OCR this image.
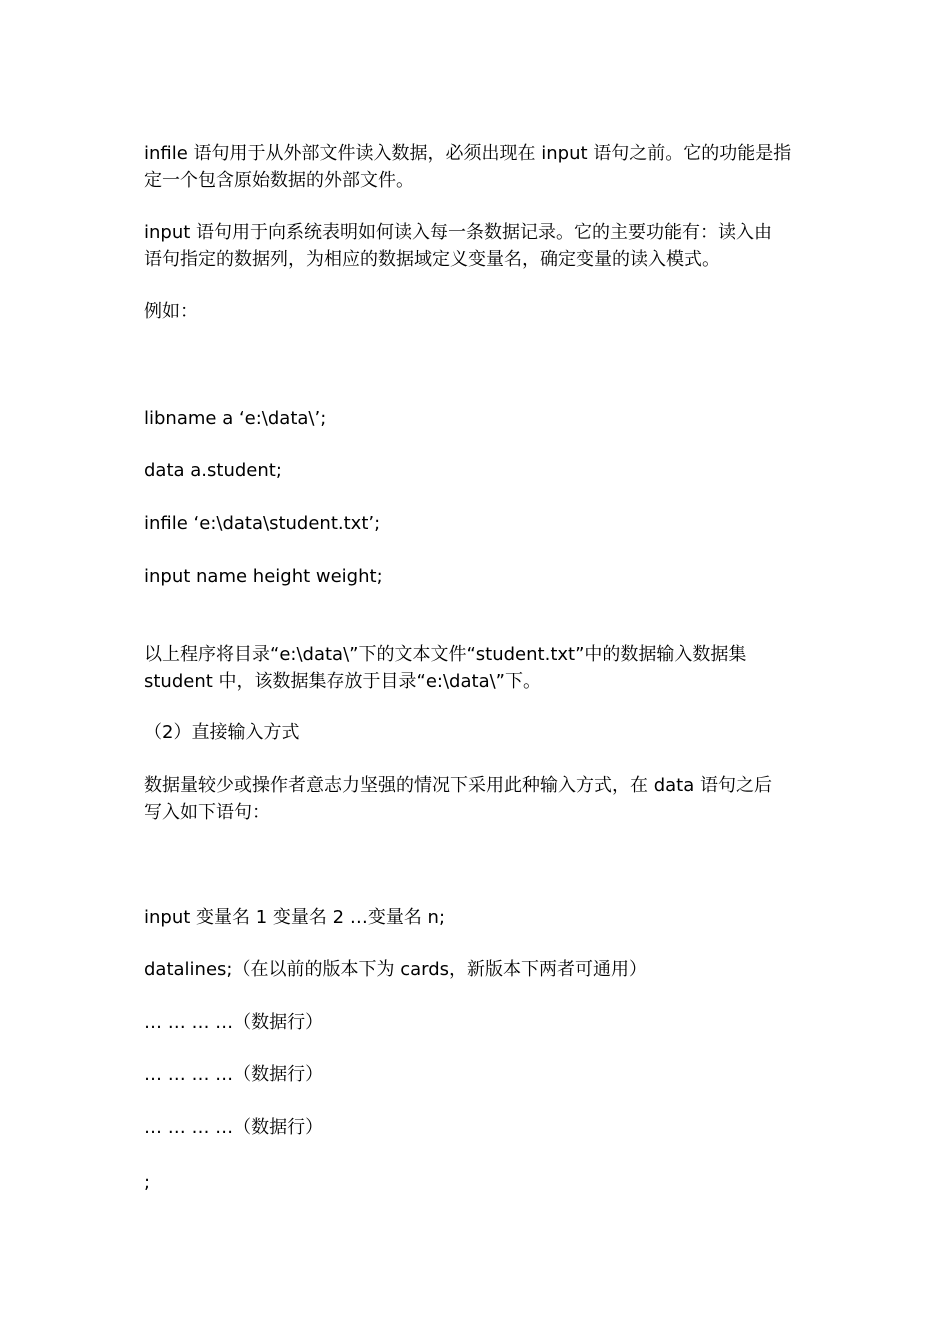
infile 语句用于从外部文件读入数据，必须出现在 input 语句之前。它的功能是指
定一个包含原始数据的外部文件。
input 语句用于向系统表明如何读入每一条数据记录。它的主要功能有：读入由
语句指定的数据列，为相应的数据域定义变量名，确定变量的读入模式。
例如：
libname a ‘e:\data\’;
data a.student;
infile ‘e:\data\student.txt’;
input name height weight;
以上程序将目录“e:\data\”下的文本文件“student.txt”中的数据输入数据集
student 中，该数据集存放于目录“e:\data\”下。
（2）直接输入方式
数据量较少或操作者意志力坚强的情况下采用此种输入方式，在 data 语句之后
写入如下语句：
input 变量名 1 变量名 2 …变量名 n;
datalines;（在以前的版本下为 cards，新版本下两者可通用）
… … … …（数据行）
… … … …（数据行）
… … … …（数据行）
;
